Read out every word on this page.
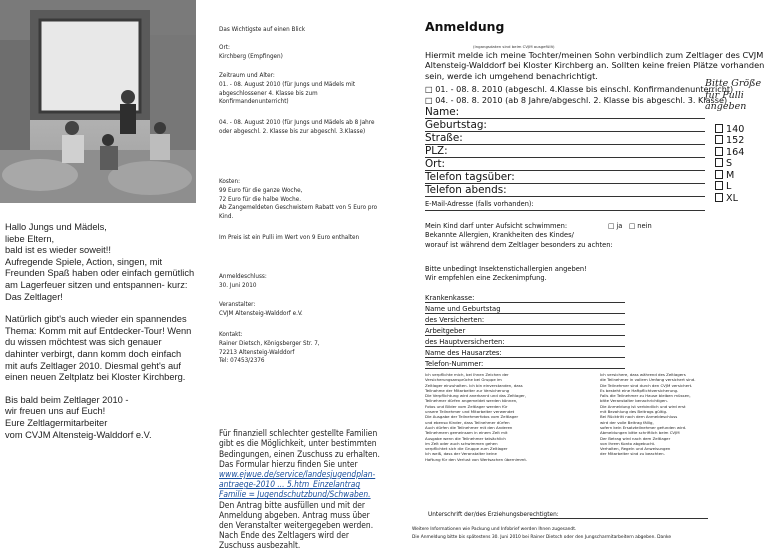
Hallo Jungs und Mädels,
liebe Eltern,
bald ist es wieder soweit!!
Aufregende Spiele, Action, singen, mit Freunden Spaß haben oder einfach gemütlich am Lagerfeuer sitzen und entspannen- kurz: Das Zeltlager!

Natürlich gibt's auch wieder ein spannendes Thema: Komm mit auf Entdecker-Tour! Wenn du wissen möchtest was sich genauer dahinter verbirgt, dann komm doch einfach mit aufs Zeltlager 2010. Diesmal geht's auf einen neuen Zeltplatz bei Kloster Kirchberg.

Bis bald beim Zeltlager 2010 -
wir freuen uns auf Euch!
Eure Zeltlagermitarbeiter
vom CVJM Altensteig-Walddorf e.V.

Das Wichtigste auf einen Blick
Ort:
Kirchberg (Empfingen)
Zeitraum und Alter:
01. - 08. August 2010 (für Jungs und Mädels mit abgeschlossener 4. Klasse bis zum Konfirmandenunterricht)
04. - 08. August 2010 (für Jungs und Mädels ab 8 Jahre oder abgeschl. 2. Klasse bis zur abgeschl. 3.Klasse)
Kosten:
99 Euro für die ganze Woche,
72 Euro für die halbe Woche.
Ab Zangemeldeten Geschwistern Rabatt von 5 Euro pro Kind.
Im Preis ist ein Pulli im Wert von 9 Euro enthalten
Anmeldeschluss:
30. Juni 2010
Veranstalter:
CVJM Altensteig-Walddorf e.V.
Kontakt:
Rainer Dietsch, Königsberger Str. 7,
72213 Altensteig-Walddorf
Tel: 07453/2376

Für finanziell schlechter gestellte Familien gibt es die Möglichkeit, unter bestimmten Bedingungen, einen Zuschuss zu erhalten. Das Formular hierzu finden Sie unter
www.ejwue.de/service/landesjugendplan-antraege-2010 ... 5.htm_Einzelantrag Familie = Jugendschutzbund/Schwaben.
Den Antrag bitte ausfüllen und mit der Anmeldung abgeben. Antrag muss über den Veranstalter weitergegeben werden. Nach Ende des Zeltlagers wird der Zuschuss ausbezahlt.

Anmeldung
(Ingangsdaten sind beim CVJM ausgefüllt)
Hiermit melde ich meine Tochter/meinen Sohn verbindlich zum Zeltlager des CVJM Altensteig-Walddorf bei Kloster Kirchberg an. Sollten keine freien Plätze vorhanden sein, werde ich umgehend benachrichtigt.
□ 01. - 08. 8. 2010 (abgeschl. 4.Klasse bis einschl. Konfirmandenunterricht)
□ 04. - 08. 8. 2010 (ab 8 Jahre/abgeschl. 2. Klasse bis abgeschl. 3. Klasse)
Name:
Geburtstag:
Straße:
PLZ:
Ort:
Telefon tagsüber:
Telefon abends:
E-Mail-Adresse (falls vorhanden):
Bitte Größe
für Pulli
angeben
140
152
164
S
M
L
XL
Mein Kind darf unter Aufsicht schwimmen:
Bekannte Allergien, Krankheiten des Kindes/
worauf ist während dem Zeltlager besonders zu achten:
□ ja □ nein
Bitte unbedingt Insektenstichallergien angeben!
Wir empfehlen eine Zeckenimpfung.
Krankenkasse:
Name und Geburtstag
des Versicherten:
Arbeitgeber
des Hauptversicherten:
Name des Hausarztes:
Telefon-Nummer:
Ich verpflichte mich, bei Ihnen Zeichen der
Versicherungsansprüche bei Gruppe im
Zeltlager einzuhalten. Ich bin einverstanden, dass
Teilnahme der Mitarbeiter zur Versicherung
Die Verpflichtung wird anerkannt und das Zeltlager,
Teilnehmer dürfen angemeldet werden können,
Fotos und Bilder vom Zeltlager werden für
unsere Teilnehmer und Mitarbeiter verwendet
Die Ausgabe der Teilnehmerfotos vom Zeltlager
und ebenso Kinder, dass Teilnehmer dürfen
Auch dürfen die Teilnehmer mit den Anderen
Teilnehmern gemeinsam in einem Zelt mit
Ausgabe wenn die Teilnehmer tatsächlich
im Zelt oder auch schwimmen gehen
verpflichtet sich die Gruppe zum Zeltlager
Ich weiß, dass der Veranstalter keine
Haftung für den Verlust von Wertsachen übernimmt.
Ich versichere, dass während des Zeltlagers
die Teilnehmer in vollem Umfang versichert sind.
Die Teilnehmer sind durch den CVJM versichert.
Es besteht eine Haftpflichtversicherung.
Falls die Teilnehmer zu Hause bleiben müssen,
bitte Veranstalter benachrichtigen.
Die Anmeldung ist verbindlich und wird erst
mit Bezahlung des Beitrags gültig.
Bei Rücktritt nach dem Anmeldeschluss
wird der volle Beitrag fällig,
sofern kein Ersatzteilnehmer gefunden wird.
Abmeldungen bitte schriftlich beim CVJM
Der Betrag wird nach dem Zeltlager
von Ihrem Konto abgebucht.
Verhalten, Regeln und Anweisungen
der Mitarbeiter sind zu beachten.
Unterschrift der/des Erziehungsberechtigten:
Weitere Informationen wie Packung und Infobrief werden Ihnen zugesandt.
Die Anmeldung bitte bis spätestens 30. Juni 2010 bei Rainer Dietsch oder den Jungscharmitarbeitern abgeben. Danke
